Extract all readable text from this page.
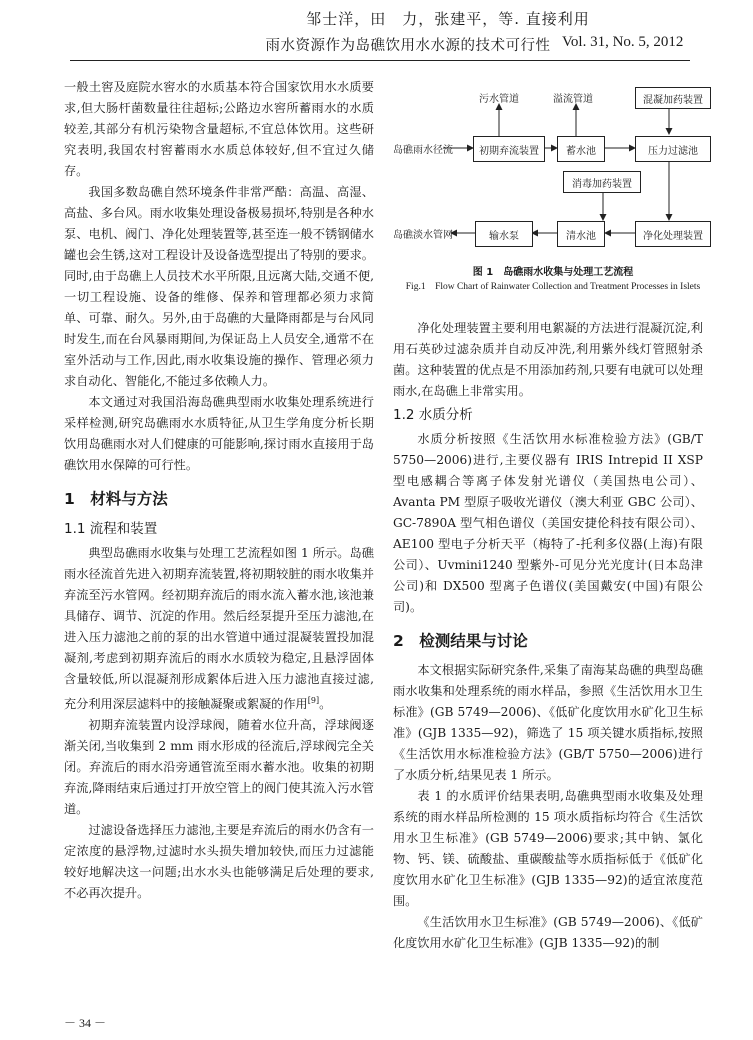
邹士洋，田　力，张建平，等. 直接利用
雨水资源作为岛礁饮用水水源的技术可行性 Vol. 31, No. 5, 2012

一般土窖及庭院水窖水的水质基本符合国家饮用水水质要求,但大肠杆菌数量往往超标;公路边水窖所蓄雨水的水质较差,其部分有机污染物含量超标,不宜总体饮用。这些研究表明,我国农村窖蓄雨水水质总体较好,但不宜过久储存。

我国多数岛礁自然环境条件非常严酷：高温、高湿、高盐、多台风。雨水收集处理设备极易损坏,特别是各种水泵、电机、阀门、净化处理装置等,甚至连一般不锈钢储水罐也会生锈,这对工程设计及设备选型提出了特别的要求。同时,由于岛礁上人员技术水平所限,且远离大陆,交通不便,一切工程设施、设备的维修、保养和管理都必须力求简单、可靠、耐久。另外,由于岛礁的大量降雨都是与台风同时发生,而在台风暴雨期间,为保证岛上人员安全,通常不在室外活动与工作,因此,雨水收集设施的操作、管理必须力求自动化、智能化,不能过多依赖人力。

本文通过对我国沿海岛礁典型雨水收集处理系统进行采样检测,研究岛礁雨水水质特征,从卫生学角度分析长期饮用岛礁雨水对人们健康的可能影响,探讨雨水直接用于岛礁饮用水保障的可行性。

1　材料与方法
1.1 流程和装置

典型岛礁雨水收集与处理工艺流程如图 1 所示。岛礁雨水径流首先进入初期弃流装置,将初期较脏的雨水收集并弃流至污水管网。经初期弃流后的雨水流入蓄水池,该池兼具储存、调节、沉淀的作用。然后经泵提升至压力滤池,在进入压力滤池之前的泵的出水管道中通过混凝装置投加混凝剂,考虑到初期弃流后的雨水水质较为稳定,且悬浮固体含量较低,所以混凝剂形成絮体后进入压力滤池直接过滤,充分利用深层滤料中的接触凝聚或絮凝的作用[9]。

初期弃流装置内设浮球阀，随着水位升高，浮球阀逐渐关闭,当收集到 2 mm 雨水形成的径流后,浮球阀完全关闭。弃流后的雨水沿旁通管流至雨水蓄水池。收集的初期弃流,降雨结束后通过打开放空管上的阀门使其流入污水管道。

过滤设备选择压力滤池,主要是弃流后的雨水仍含有一定浓度的悬浮物,过滤时水头损失增加较快,而压力过滤能较好地解决这一问题;出水水头也能够满足后处理的要求,不必再次提升。

岛礁雨水径流
污水管道	溢流管道	混凝加药装置
初期弃流装置	蓄水池	压力过滤池
消毒加药装置
净化处理装置
清水池
输水泵
岛礁淡水管网
图 1　岛礁雨水收集与处理工艺流程
Fig.1　Flow Chart of Rainwater Collection and Treatment Processes in Islets

净化处理装置主要利用电絮凝的方法进行混凝沉淀,利用石英砂过滤杂质并自动反冲洗,利用紫外线灯管照射杀菌。这种装置的优点是不用添加药剂,只要有电就可以处理雨水,在岛礁上非常实用。

1.2 水质分析

水质分析按照《生活饮用水标准检验方法》(GB/T 5750—2006)进行,主要仪器有 IRIS Intrepid II XSP 型电感耦合等离子体发射光谱仪（美国热电公司）、Avanta PM 型原子吸收光谱仪（澳大利亚 GBC 公司）、GC-7890A 型气相色谱仪（美国安捷伦科技有限公司）、AE100 型电子分析天平（梅特了-托利多仪器(上海)有限公司）、Uvmini1240 型紫外-可见分光光度计(日本岛津公司)和 DX500 型离子色谱仪(美国戴安(中国)有限公司)。

2　检测结果与讨论

本文根据实际研究条件,采集了南海某岛礁的典型岛礁雨水收集和处理系统的雨水样品，参照《生活饮用水卫生标准》(GB 5749—2006)、《低矿化度饮用水矿化卫生标准》(GJB 1335—92)，筛选了 15 项关键水质指标,按照《生活饮用水标准检验方法》(GB/T 5750—2006)进行了水质分析,结果见表 1 所示。

表 1 的水质评价结果表明,岛礁典型雨水收集及处理系统的雨水样品所检测的 15 项水质指标均符合《生活饮用水卫生标准》(GB 5749—2006)要求;其中钠、氯化物、钙、镁、硫酸盐、重碳酸盐等水质指标低于《低矿化度饮用水矿化卫生标准》(GJB 1335—92)的适宜浓度范围。

《生活饮用水卫生标准》(GB 5749—2006)、《低矿化度饮用水矿化卫生标准》(GJB 1335—92)的制

－ 34 －
